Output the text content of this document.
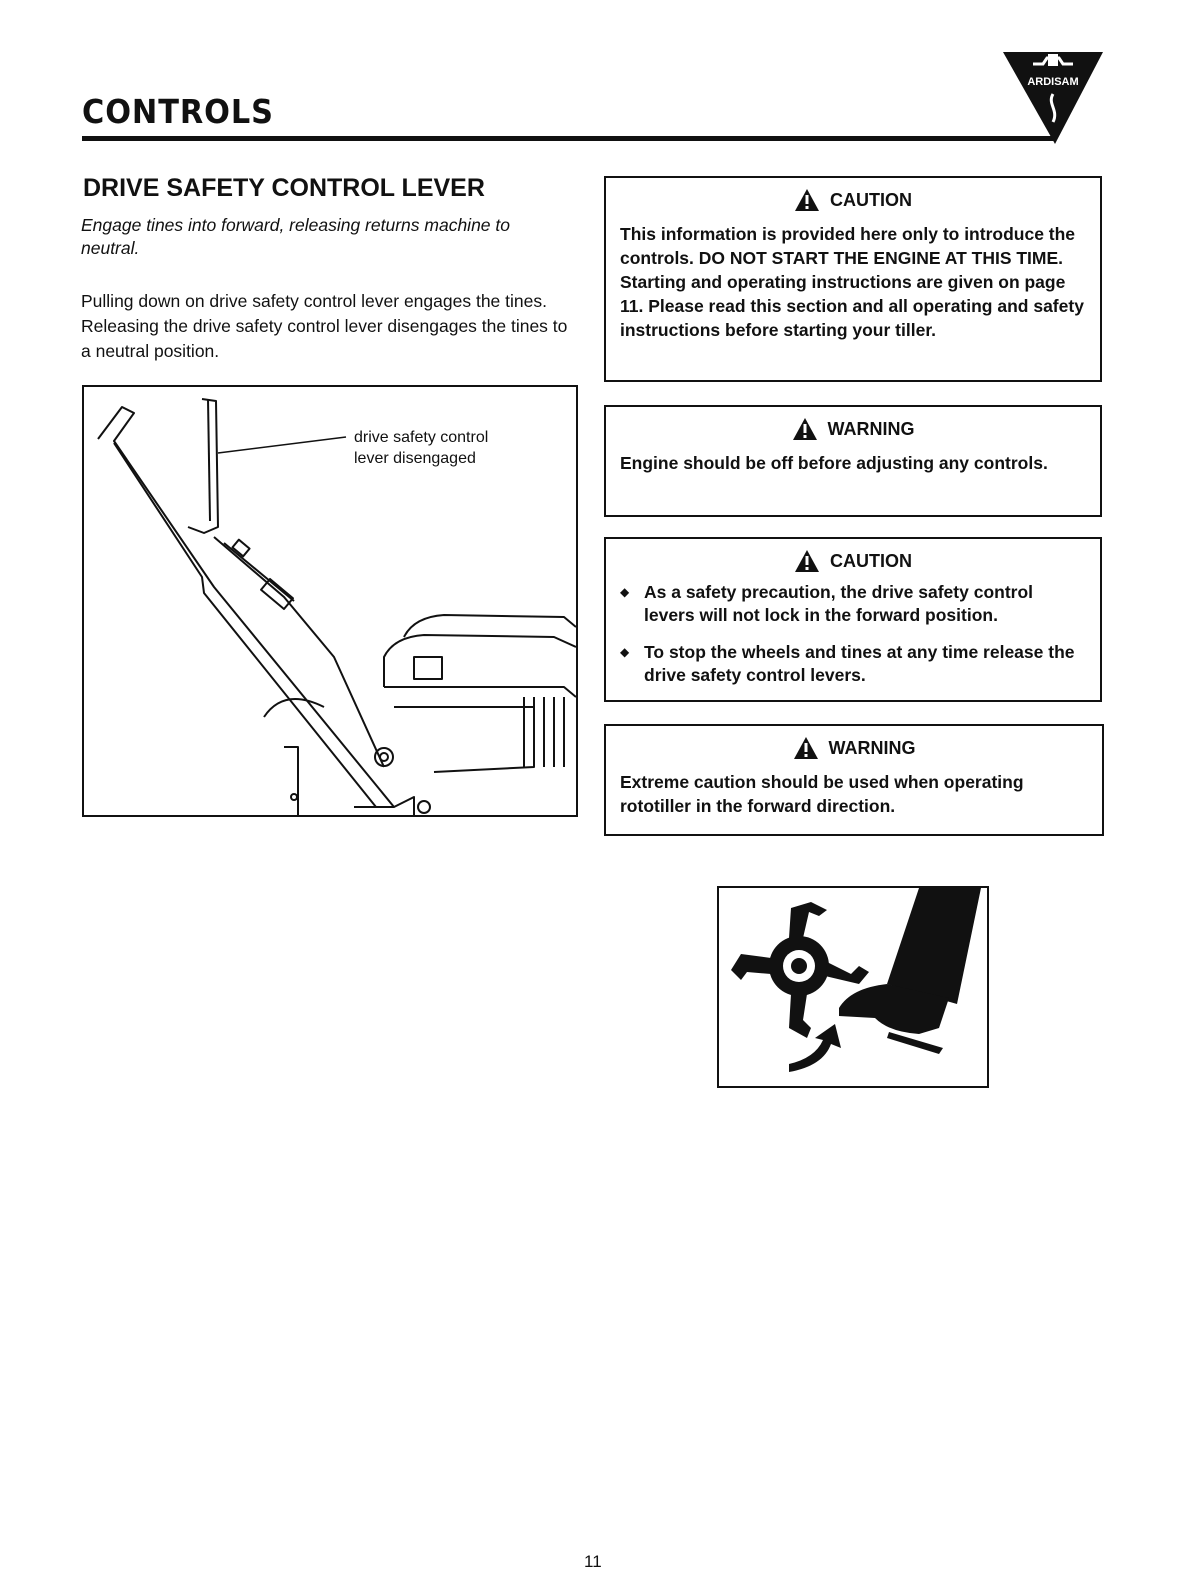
CONTROLS
ARDISAM
DRIVE SAFETY CONTROL LEVER
Engage tines into forward, releasing returns machine to neutral.
Pulling down on drive safety control lever engages the tines. Releasing the drive safety control lever disengages the tines to a neutral position.
drive safety control
lever disengaged
CAUTION
This information is provided here only to introduce the controls. DO NOT START THE ENGINE AT THIS TIME. Starting and operating instructions are given on page 11. Please read this section and all operating and safety instructions before starting your tiller.
WARNING
Engine should be off before adjusting any controls.
CAUTION
◆ As a safety precaution, the drive safety control levers will not lock in the forward position.
◆ To stop the wheels and tines at any time release the drive safety control levers.
WARNING
Extreme caution should be used when operating rototiller in the forward direction.
11
